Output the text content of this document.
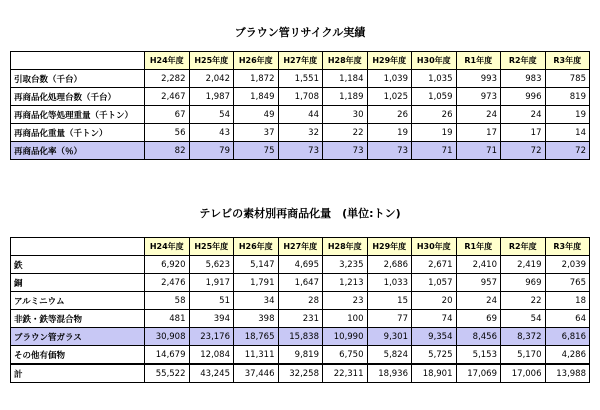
ブラウン管リサイクル実績
	H24年度	H25年度	H26年度	H27年度	H28年度	H29年度	H30年度	R1年度	R2年度	R3年度
引取台数（千台）	2,282	2,042	1,872	1,551	1,184	1,039	1,035	993	983	785
再商品化処理台数（千台）	2,467	1,987	1,849	1,708	1,189	1,025	1,059	973	996	819
再商品化等処理重量（千トン）	67	54	49	44	30	26	26	24	24	19
再商品化重量（千トン）	56	43	37	32	22	19	19	17	17	14
再商品化率（％）	82	79	75	73	73	73	71	71	72	72
テレビの素材別再商品化量　(単位:トン)
	H24年度	H25年度	H26年度	H27年度	H28年度	H29年度	H30年度	R1年度	R2年度	R3年度
鉄	6,920	5,623	5,147	4,695	3,235	2,686	2,671	2,410	2,419	2,039
銅	2,476	1,917	1,791	1,647	1,213	1,033	1,057	957	969	765
アルミニウム	58	51	34	28	23	15	20	24	22	18
非鉄・鉄等混合物	481	394	398	231	100	77	74	69	54	64
ブラウン管ガラス	30,908	23,176	18,765	15,838	10,990	9,301	9,354	8,456	8,372	6,816
その他有価物	14,679	12,084	11,311	9,819	6,750	5,824	5,725	5,153	5,170	4,286
計	55,522	43,245	37,446	32,258	22,311	18,936	18,901	17,069	17,006	13,988
